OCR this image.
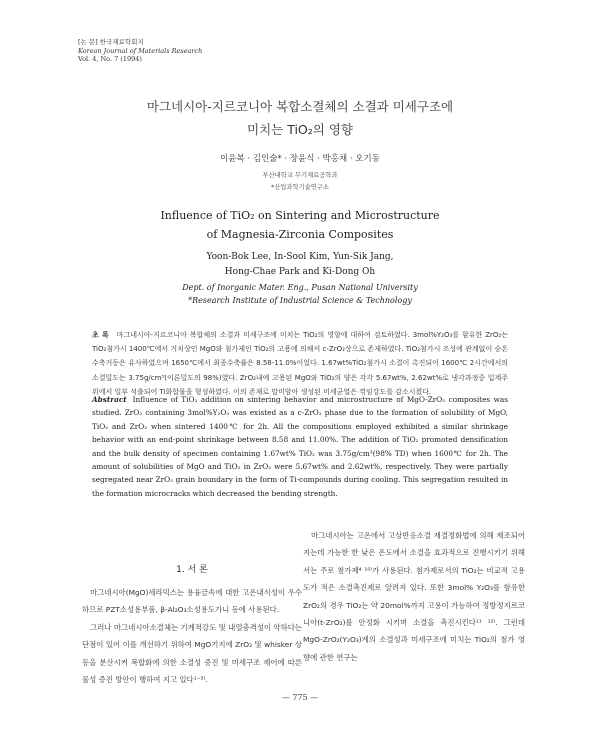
[논 문] 한국재료학회지
Korean Journal of Materials Research
Vol. 4, No. 7 (1994)
마그네시아-지르코니아 복합소결체의 소결과 미세구조에
미치는 TiO₂의 영향
이윤복 · 김인술* · 장윤식 · 박홍채 · 오기동
부산대학교 무기재료공학과
*산업과학기술연구소
Influence of TiO₂ on Sintering and Microstructure
of Magnesia-Zirconia Composites
Yoon-Bok Lee, In-Sool Kim, Yun-Sik Jang,
Hong-Chae Park and Ki-Dong Oh
Dept. of Inorganic Mater. Eng., Pusan National University
*Research Institute of Industrial Science & Technology
초 록 마그네시아-지르코니아 복합체의 소결과 미세구조에 미치는 TiO₂의 영향에 대하여 검토하였다. 3mol%Y₂O₃를 함유한 ZrO₂는 TiO₂첨가시 1400℃에서 거치상인 MgO와 첨가제인 TiO₂의 고용에 의해서 c-ZrO₂상으로 존재하였다. TiO₂첨가시 조성에 관계없이 승온수축거동은 유사하였으며 1650℃에서 최종수축률은 8.58-11.0%이었다. 1.67wt%TiO₂첨가시 소결이 촉진되어 1600℃ 2시간에서의 소결밀도는 3.75g/cm³(이론밀도의 98%)였다. ZrO₂내에 고용된 MgO와 TiO₂의 양은 각각 5.67wt%, 2.62wt%로 냉각과정중 입계주위에서 일부 석출되어 Ti화합물을 형성하였다. 이의 존재로 말미암아 생성된 미세균열은 꺾임강도를 감소시켰다.
Abstract Influence of TiO₂ addition on sintering behavior and microstructure of MgO-ZrO₂ composites was studied. ZrO₂ containing 3mol%Y₂O₃ was existed as a c-ZrO₂ phase due to the formation of solubility of MgO, TiO₂ and ZrO₂ when sintered 1400℃ for 2h. All the compositions employed exhibited a similar shrinkage behavior with an end-point shrinkage between 8.58 and 11.00%. The addition of TiO₂ promoted densification and the bulk density of specimen containing 1.67wt% TiO₂ was 3.75g/cm³(98% TD) when 1600℃ for 2h. The amount of solubilities of MgO and TiO₂ in ZrO₂ were 5.67wt% and 2.62wt%, respectively. They were partially segregated near ZrO₂ grain boundary in the form of Ti-compounds during cooling. This segregation resulted in the formation microcracks which decreased the bending strength.
1. 서 론

마그네시아(MgO)세라믹스는 용융금속에 대한 고온내식성이 우수하므로 PZT소성용부품, β-Al₂O₃소성용도가니 등에 사용된다.

그러나 마그네시아소결체는 기계적강도 및 내열충격성이 약하다는 단점이 있어 이를 개선하기 위하여 MgO기지에 ZrO₂ 및 whisker 상 등을 분산시켜 복합화에 의한 소결성 증진 및 미세구조 제어에 따른 물성 증진 방안이 행하여 지고 있다¹⁻³⁾.

마그네시아는 고온에서 고상반응소결 재결정화법에 의해 제조되어 지는데 가능한 한 낮은 온도에서 소결을 효과적으로 진행시키기 위해서는 주로 첨가제⁴ ¹⁰⁾가 사용된다. 첨가제로서의 TiO₂는 비교적 고용도가 적은 소결촉진제로 알려져 있다. 또한 3mol% Y₂O₃를 함유한 ZrO₂의 경우 TiO₂는 약 20mol%까지 고용이 가능하여 정방정지르코니아(t-ZrO₂)를 안정화 시키며 소결을 촉진시킨다¹¹ ¹²⁾. 그런데 MgO-ZrO₂(Y₂O₃)계의 소결성과 미세구조에 미치는 TiO₂의 첨가 영향에 관한 연구는

— 775 —
